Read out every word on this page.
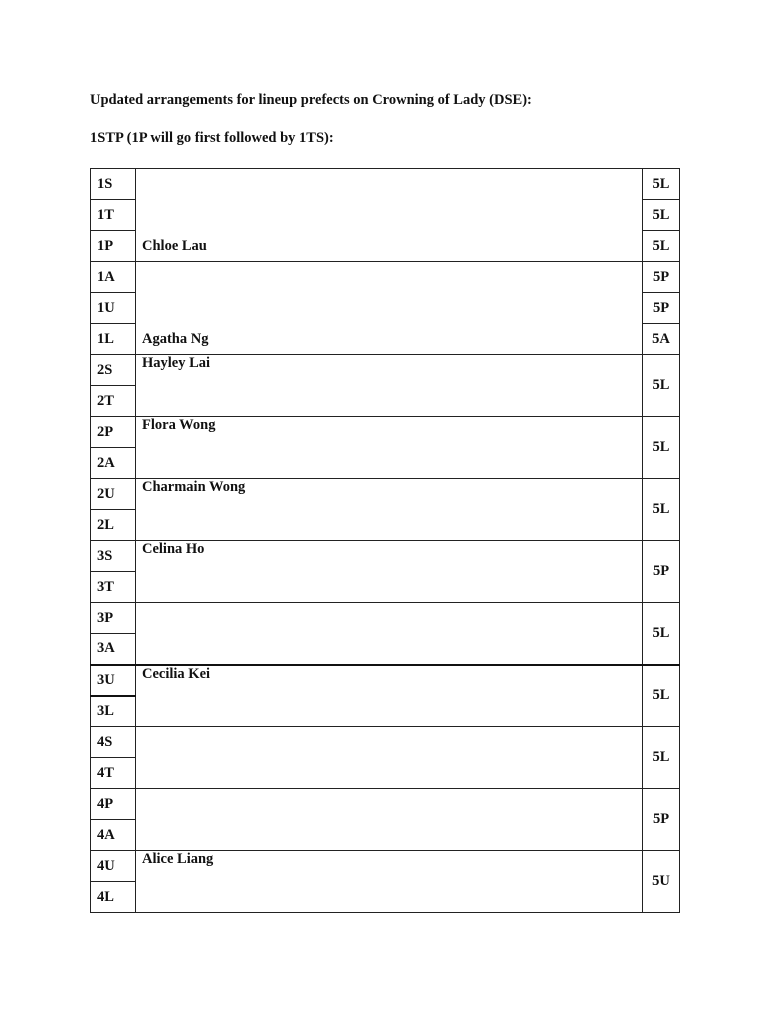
Updated arrangements for lineup prefects on Crowning of Lady (DSE):
1STP (1P will go first followed by 1TS):
1S	Chloe Lau	5L
1T		5L
1P		5L
1A	Agatha Ng	5P
1U		5P
1L		5A
2S	Hayley Lai	5L
2T		
2P	Flora Wong	5L
2A		
2U	Charmain Wong	5L
2L		
3S	Celina Ho	5P
3T		
3P		5L
3A		
3U	Cecilia Kei	5L
3L		
4S		5L
4T		
4P		5P
4A		
4U	Alice Liang	5U
4L		
